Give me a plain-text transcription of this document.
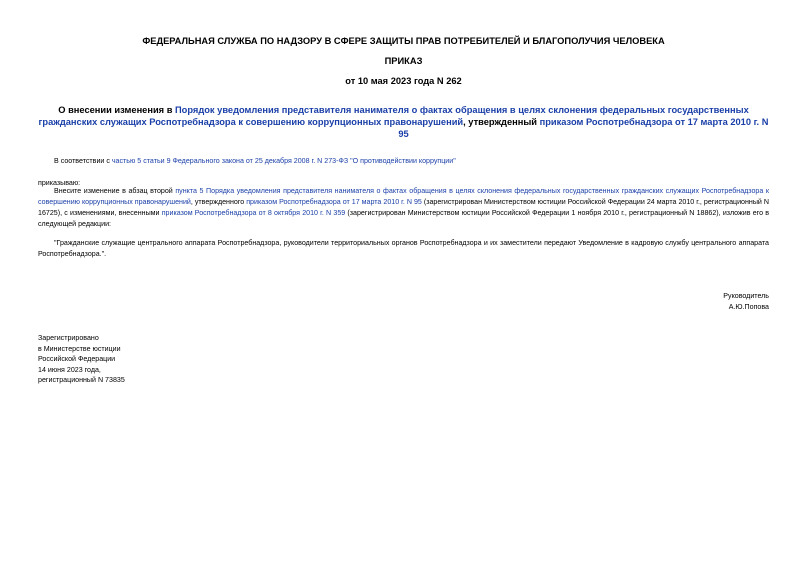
ФЕДЕРАЛЬНАЯ СЛУЖБА ПО НАДЗОРУ В СФЕРЕ ЗАЩИТЫ ПРАВ ПОТРЕБИТЕЛЕЙ И БЛАГОПОЛУЧИЯ ЧЕЛОВЕКА
ПРИКАЗ
от 10 мая 2023 года N 262
О внесении изменения в Порядок уведомления представителя нанимателя о фактах обращения в целях склонения федеральных государственных гражданских служащих Роспотребнадзора к совершению коррупционных правонарушений, утвержденный приказом Роспотребнадзора от 17 марта 2010 г. N 95
В соответствии с частью 5 статьи 9 Федерального закона от 25 декабря 2008 г. N 273-ФЗ "О противодействии коррупции"
приказываю:
Внесите изменение в абзац второй пункта 5 Порядка уведомления представителя нанимателя о фактах обращения в целях склонения федеральных государственных гражданских служащих Роспотребнадзора к совершению коррупционных правонарушений, утвержденного приказом Роспотребнадзора от 17 марта 2010 г. N 95 (зарегистрирован Министерством юстиции Российской Федерации 24 марта 2010 г., регистрационный N 16725), с изменениями, внесенными приказом Роспотребнадзора от 8 октября 2010 г. N 359 (зарегистрирован Министерством юстиции Российской Федерации 1 ноября 2010 г., регистрационный N 18862), изложив его в следующей редакции:
"Гражданские служащие центрального аппарата Роспотребнадзора, руководители территориальных органов Роспотребнадзора и их заместители передают Уведомление в кадровую службу центрального аппарата Роспотребнадзора.".
Руководитель
А.Ю.Попова
Зарегистрировано
в Министерстве юстиции
Российской Федерации
14 июня 2023 года,
регистрационный N 73835
